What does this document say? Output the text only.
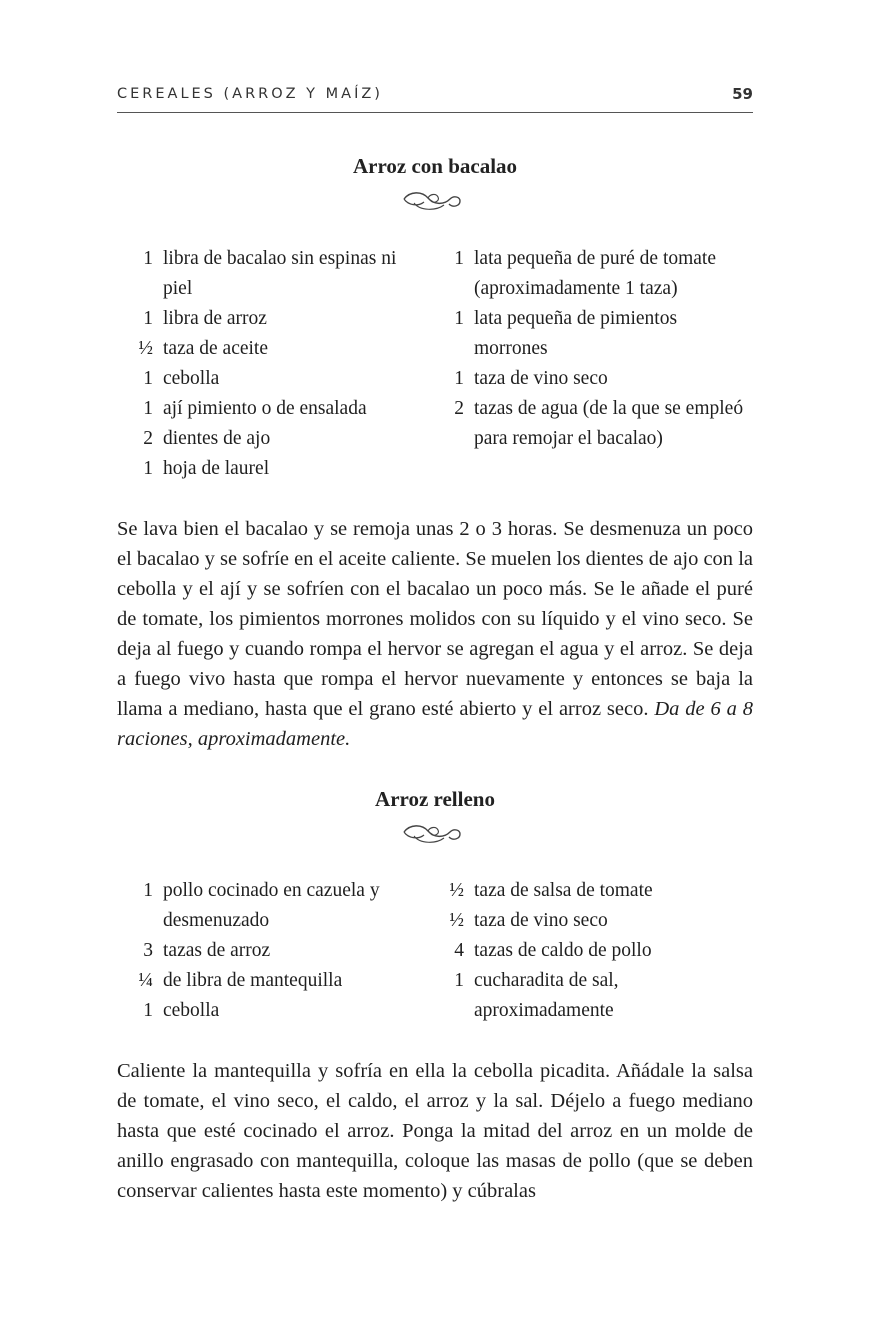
CEREALES (ARROZ Y MAÍZ)	59
Arroz con bacalao
1 libra de bacalao sin espinas ni piel
1 libra de arroz
½ taza de aceite
1 cebolla
1 ají pimiento o de ensalada
2 dientes de ajo
1 hoja de laurel
1 lata pequeña de puré de tomate (aproximadamente 1 taza)
1 lata pequeña de pimientos morrones
1 taza de vino seco
2 tazas de agua (de la que se empleó para remojar el bacalao)

Se lava bien el bacalao y se remoja unas 2 o 3 horas. Se desmenuza un poco el bacalao y se sofríe en el aceite caliente. Se muelen los dientes de ajo con la cebolla y el ají y se sofríen con el bacalao un poco más. Se le añade el puré de tomate, los pimientos morrones molidos con su líquido y el vino seco. Se deja al fuego y cuando rompa el hervor se agregan el agua y el arroz. Se deja a fuego vivo hasta que rompa el hervor nuevamente y entonces se baja la llama a mediano, hasta que el grano esté abierto y el arroz seco. Da de 6 a 8 raciones, aproximadamente.

Arroz relleno
1 pollo cocinado en cazuela y desmenuzado
3 tazas de arroz
¼ de libra de mantequilla
1 cebolla
½ taza de salsa de tomate
½ taza de vino seco
4 tazas de caldo de pollo
1 cucharadita de sal, aproximadamente

Caliente la mantequilla y sofría en ella la cebolla picadita. Añádale la salsa de tomate, el vino seco, el caldo, el arroz y la sal. Déjelo a fuego mediano hasta que esté cocinado el arroz. Ponga la mitad del arroz en un molde de anillo engrasado con mantequilla, coloque las masas de pollo (que se deben conservar calientes hasta este momento) y cúbralas
